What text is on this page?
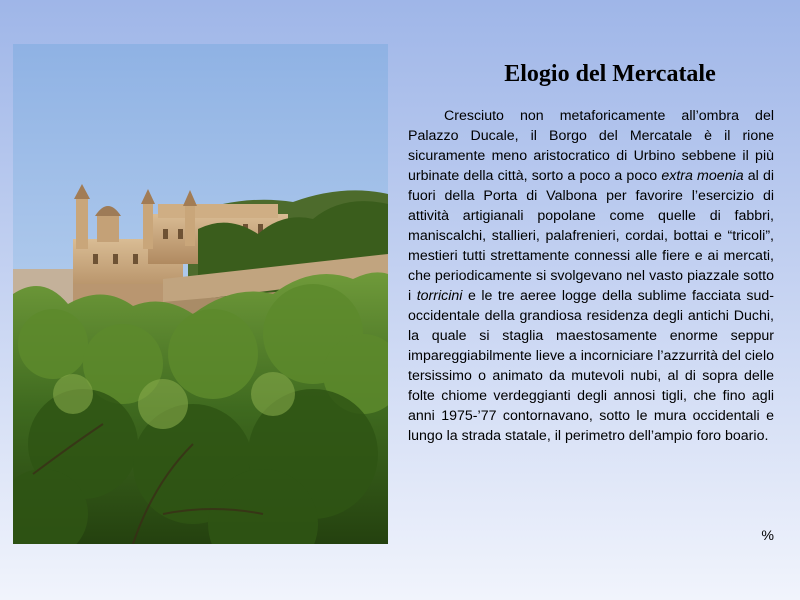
Elogio del Mercatale

Cresciuto non metaforicamente all’ombra del Palazzo Ducale, il Borgo del Mercatale è il rione sicuramente meno aristocratico di Urbino sebbene il più urbinate della città, sorto a poco a poco extra moenia al di fuori della Porta di Valbona per favorire l’esercizio di attività artigianali popolane come quelle di fabbri, maniscalchi, stallieri, palafrenieri, cordai, bottai e “tricoli”, mestieri tutti strettamente connessi alle fiere e ai mercati, che periodicamente si svolgevano nel vasto piazzale sotto i torricini e le tre aeree logge della sublime facciata sud-occidentale della grandiosa residenza degli antichi Duchi, la quale si staglia maestosamente enorme seppur impareggiabilmente lieve a incorniciare l’azzurrità del cielo tersissimo o animato da mutevoli nubi, al di sopra delle folte chiome verdeggianti degli annosi tigli, che fino agli anni 1975-’77 contornavano, sotto le mura occidentali e lungo la strada statale, il perimetro dell’ampio foro boario.

%
